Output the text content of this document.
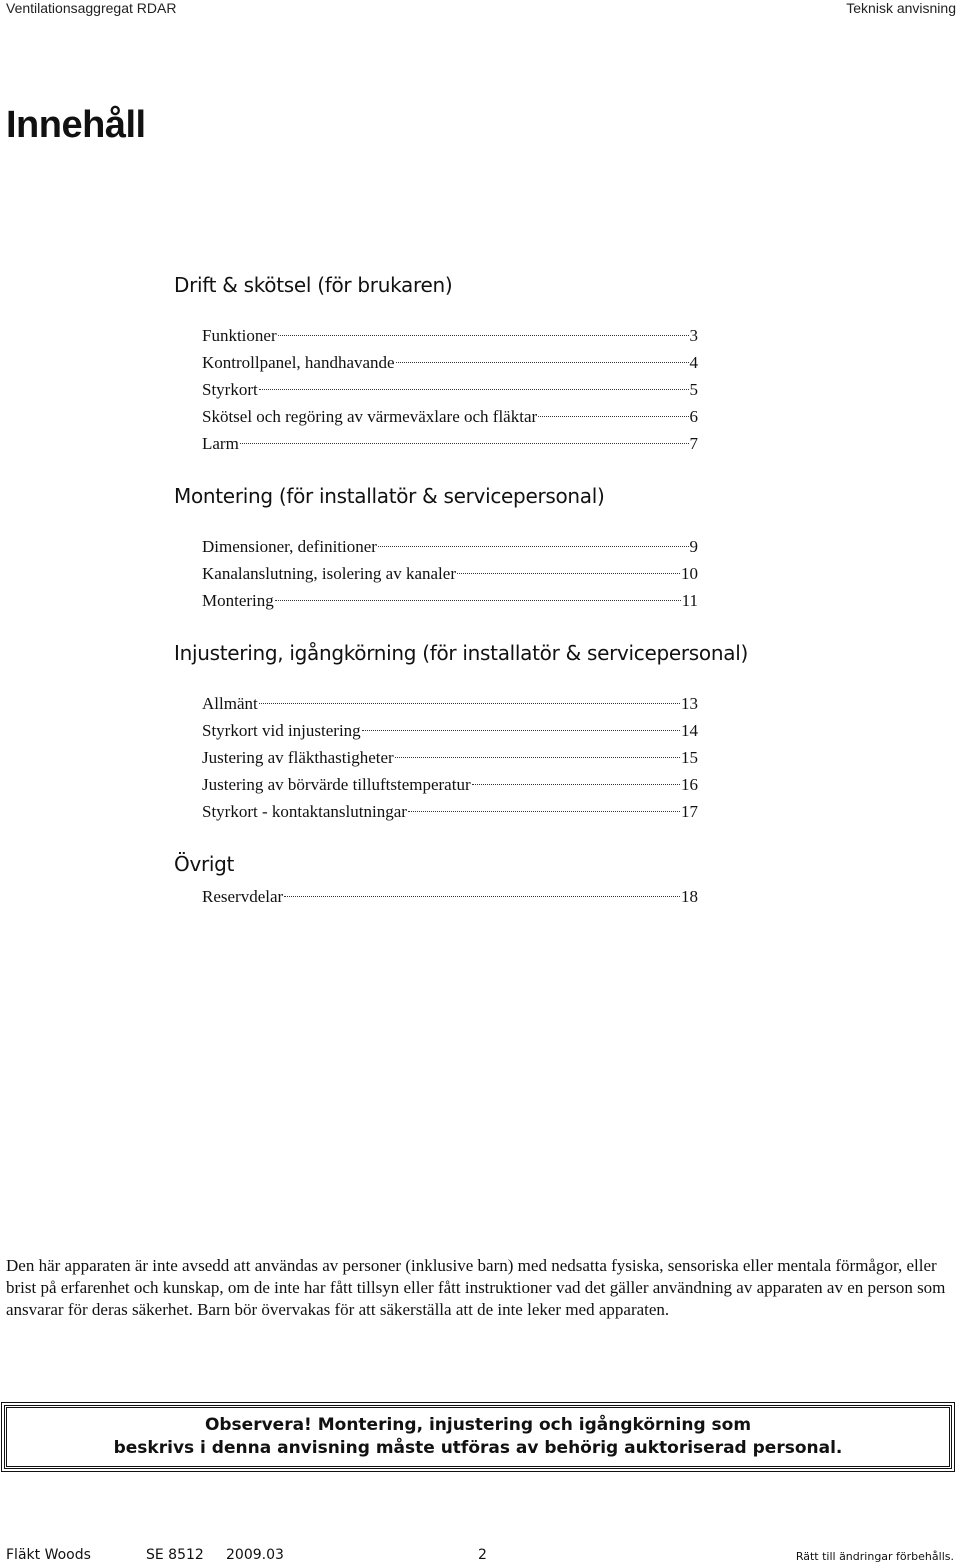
Ventilationsaggregat RDAR	Teknisk anvisning
Innehåll
Drift & skötsel (för brukaren)
Funktioner	3
Kontrollpanel, handhavande	4
Styrkort	5
Skötsel och regöring av värmeväxlare och fläktar	6
Larm	7
Montering (för installatör & servicepersonal)
Dimensioner, definitioner	9
Kanalanslutning, isolering av kanaler	10
Montering	11
Injustering, igångkörning (för installatör & servicepersonal)
Allmänt	13
Styrkort vid injustering	14
Justering av fläkthastigheter	15
Justering av börvärde tilluftstemperatur	16
Styrkort - kontaktanslutningar	17
Övrigt
Reservdelar	18

Den här apparaten är inte avsedd att användas av personer (inklusive barn) med nedsatta fysiska, sensoriska eller mentala förmågor, eller brist på erfarenhet och kunskap, om de inte har fått tillsyn eller fått instruktioner vad det gäller användning av apparaten av en person som ansvarar för deras säkerhet. Barn bör övervakas för att säkerställa att de inte leker med apparaten.

Observera! Montering, injustering och igångkörning som
beskrivs i denna anvisning måste utföras av behörig auktoriserad personal.
Fläkt Woods	SE 8512 2009.03	2	Rätt till ändringar förbehålls.
